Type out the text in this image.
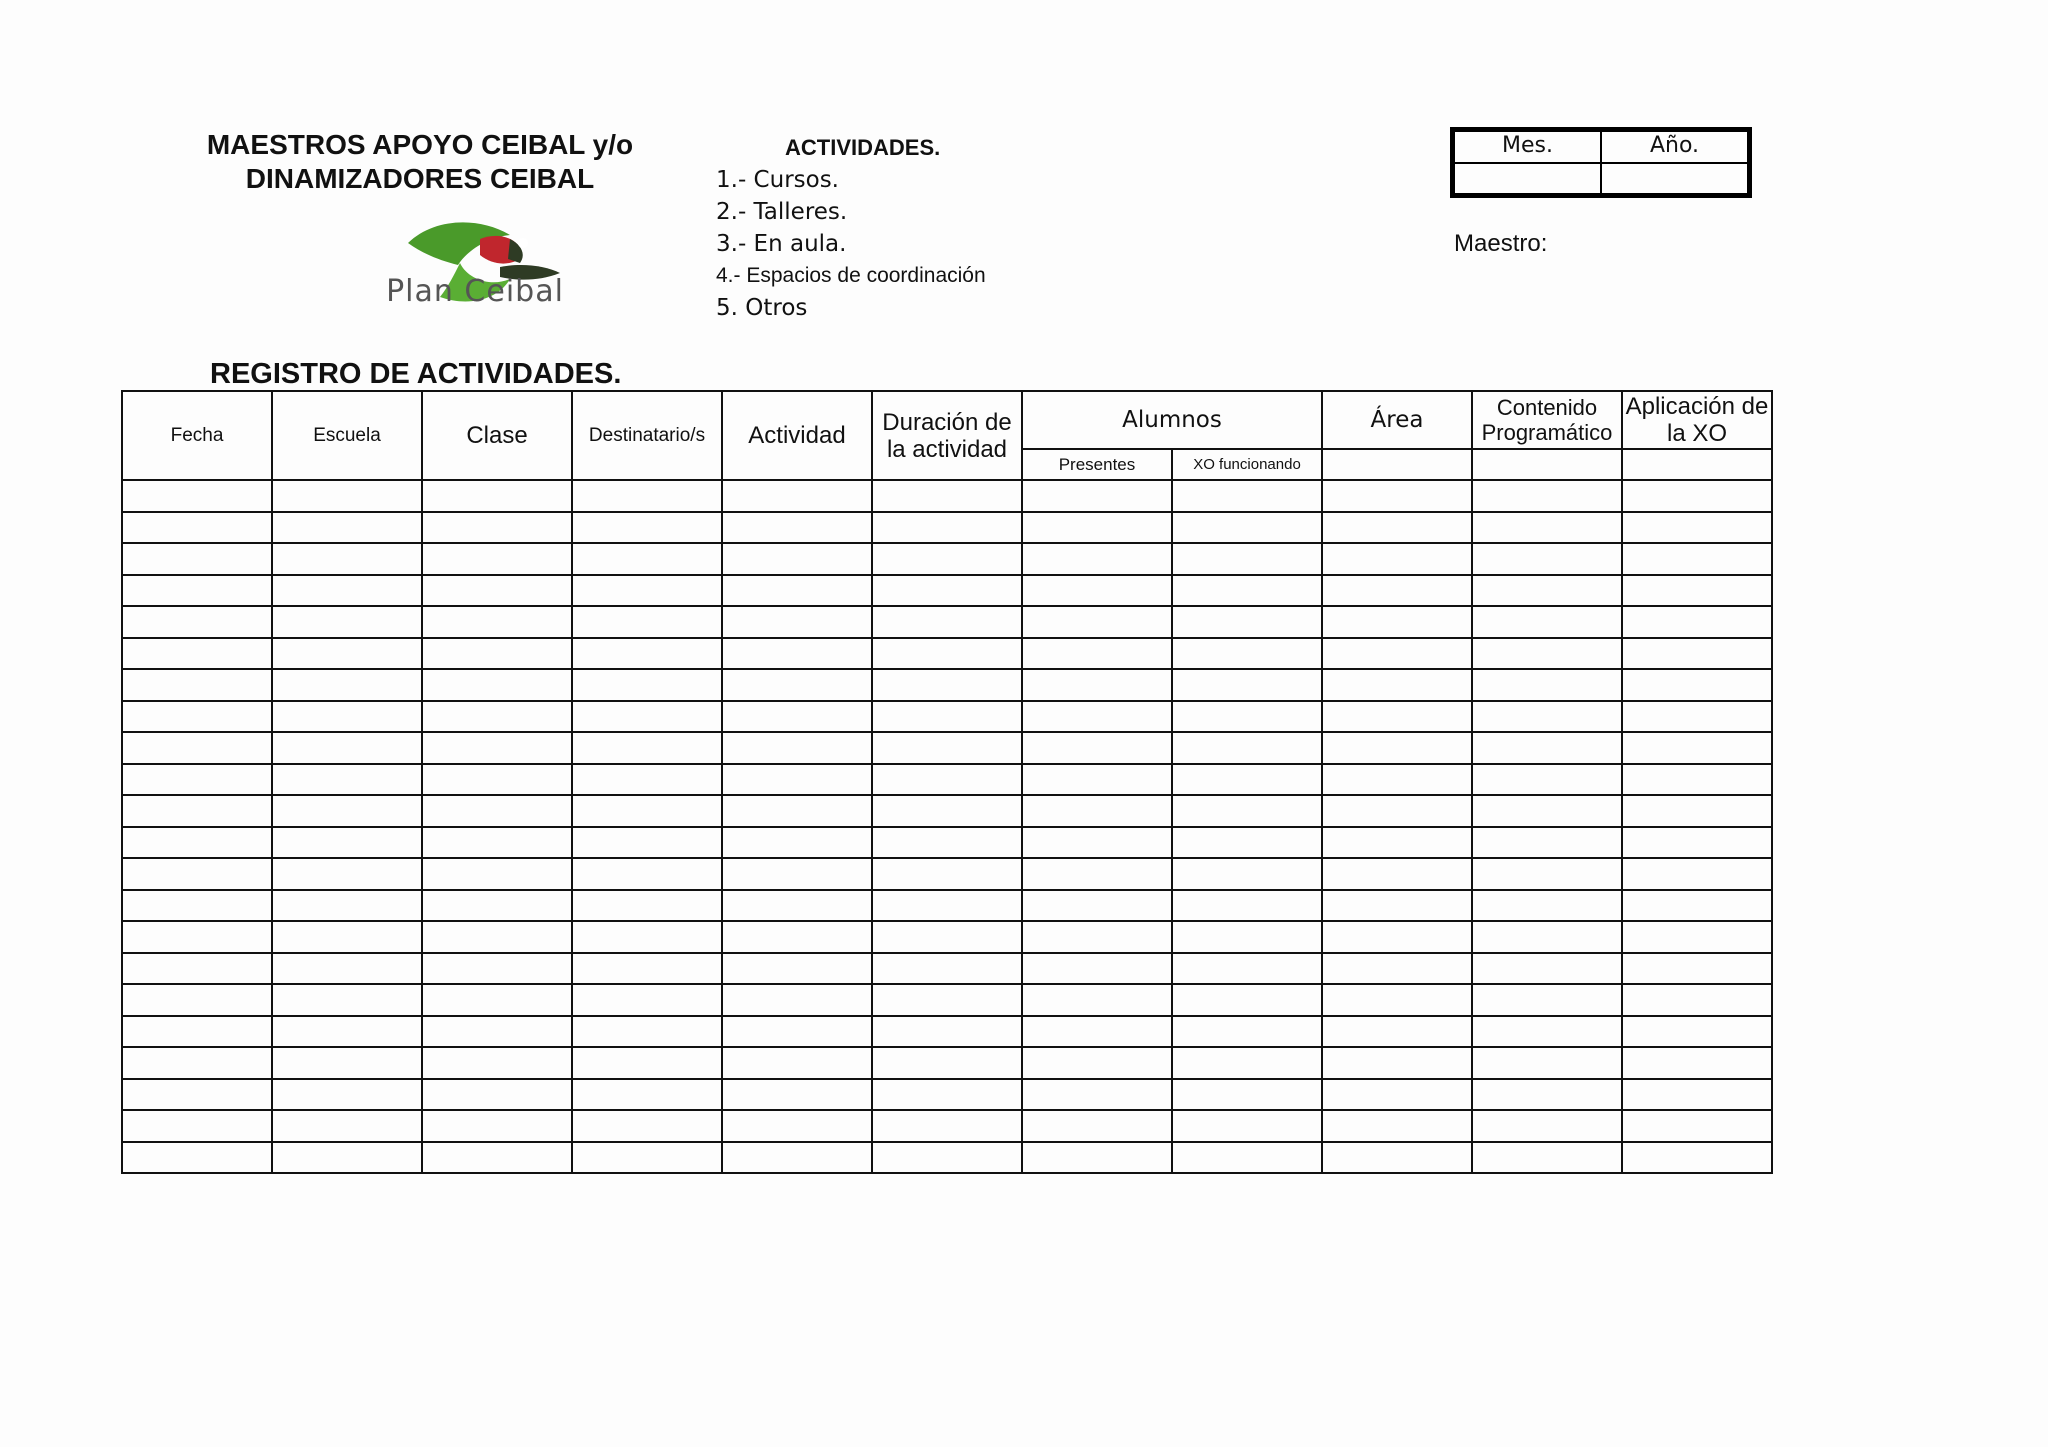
MAESTROS APOYO CEIBAL y/o
DINAMIZADORES CEIBAL
Plan Ceibal
ACTIVIDADES.
1.- Cursos.
2.- Talleres.
3.- En aula.
4.- Espacios de coordinación
5. Otros
Mes.	Año.
Maestro:
REGISTRO DE ACTIVIDADES.
Fecha	Escuela	Clase	Destinatario/s	Actividad	Duración de la actividad	Alumnos		Área	Contenido Programático	Aplicación de la XO
						Presentes	XO funcionando			
